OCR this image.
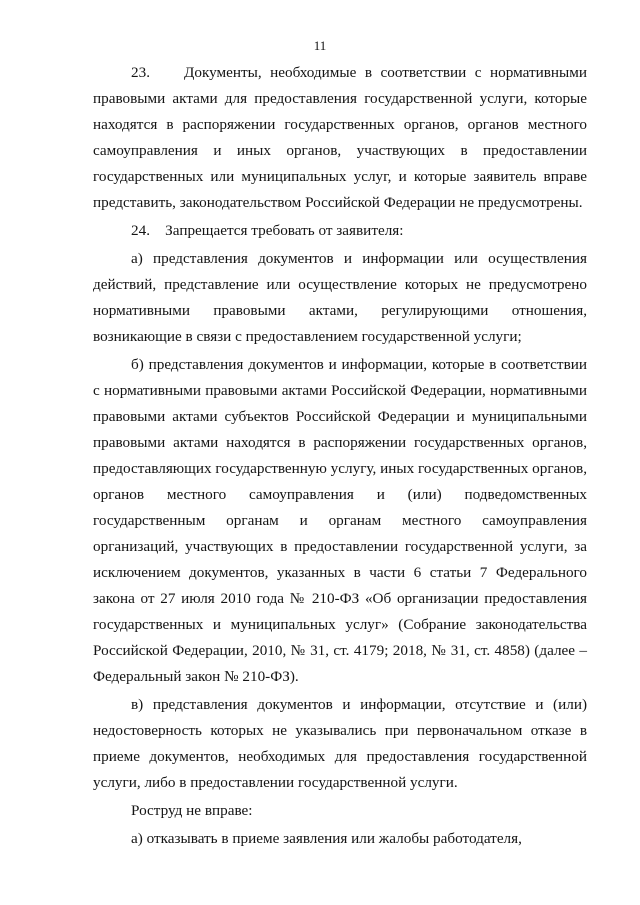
11

23.    Документы, необходимые в соответствии с нормативными правовыми актами для предоставления государственной услуги, которые находятся в распоряжении государственных органов, органов местного самоуправления и иных органов, участвующих в предоставлении государственных или муниципальных услуг, и которые заявитель вправе представить, законодательством Российской Федерации не предусмотрены.

24.    Запрещается требовать от заявителя:

а) представления документов и информации или осуществления действий, представление или осуществление которых не предусмотрено нормативными правовыми актами, регулирующими отношения, возникающие в связи с предоставлением государственной услуги;

б) представления документов и информации, которые в соответствии с нормативными правовыми актами Российской Федерации, нормативными правовыми актами субъектов Российской Федерации и муниципальными правовыми актами находятся в распоряжении государственных органов, предоставляющих государственную услугу, иных государственных органов, органов местного самоуправления и (или) подведомственных государственным органам и органам местного самоуправления организаций, участвующих в предоставлении государственной услуги, за исключением документов, указанных в части 6 статьи 7 Федерального закона от 27 июля 2010 года № 210-ФЗ «Об организации предоставления государственных и муниципальных услуг» (Собрание законодательства Российской Федерации, 2010, № 31, ст. 4179; 2018, № 31, ст. 4858) (далее – Федеральный закон № 210-ФЗ).

в) представления документов и информации, отсутствие и (или) недостоверность которых не указывались при первоначальном отказе в приеме документов, необходимых для предоставления государственной услуги, либо в предоставлении государственной услуги.

Роструд не вправе:

а) отказывать в приеме заявления или жалобы работодателя,
